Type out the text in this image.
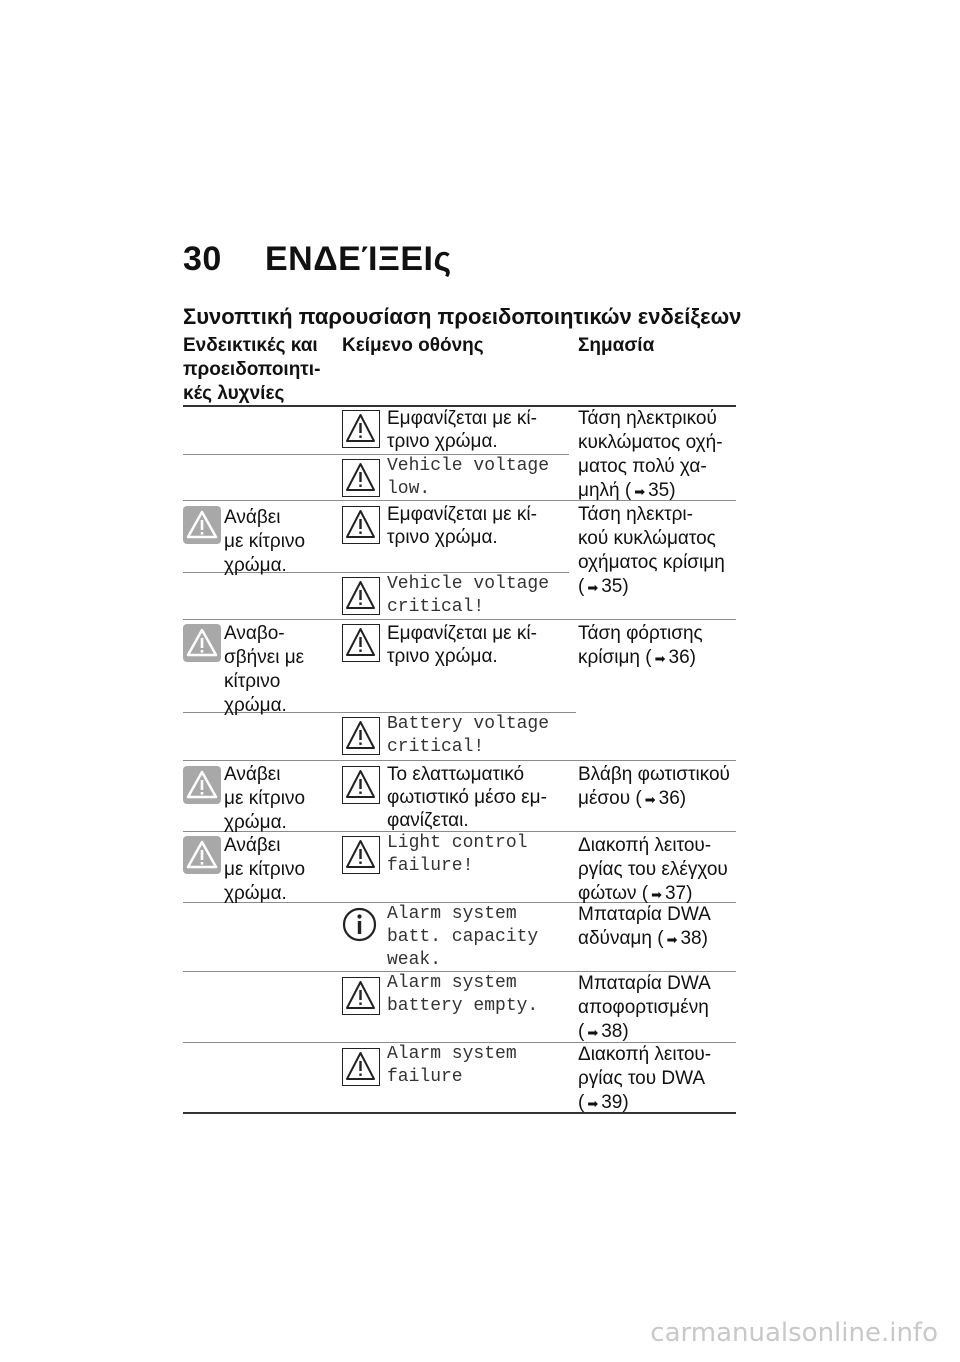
30 ΕΝΔΕΊΞΕΙς
Συνοπτική παρουσίαση προειδοποιητικών ενδείξεων
Ενδεικτικές και
προειδοποιητι-
κές λυχνίες
Κείμενο οθόνης	Σημασία
Ανάβει
με κίτρινο
χρώμα.
Αναβο-
σβήνει με
κίτρινο
χρώμα.
Ανάβει
με κίτρινο
χρώμα.
Ανάβει
με κίτρινο
χρώμα.
Εμφανίζεται με κί-
τρινο χρώμα.
Vehicle voltage
low.
Εμφανίζεται με κί-
τρινο χρώμα.
Vehicle voltage
critical!
Εμφανίζεται με κί-
τρινο χρώμα.
Battery voltage
critical!
Το ελαττωματικό
φωτιστικό μέσο εμ-
φανίζεται.
Light control
failure!
Alarm system
batt. capacity
weak.
Alarm system
battery empty.
Alarm system
failure
Τάση ηλεκτρικού
κυκλώματος οχή-
ματος πολύ χα-
μηλή ( ➡ 35)
Τάση ηλεκτρι-
κού κυκλώματος
οχήματος κρίσιμη
( ➡ 35)
Τάση φόρτισης
κρίσιμη ( ➡ 36)
Βλάβη φωτιστικού
μέσου ( ➡ 36)
Διακοπή λειτου-
ργίας του ελέγχου
φώτων ( ➡ 37)
Μπαταρία DWA
αδύναμη ( ➡ 38)
Μπαταρία DWA
αποφορτισμένη
( ➡ 38)
Διακοπή λειτου-
ργίας του DWA
( ➡ 39)
carmanualsonline.info
